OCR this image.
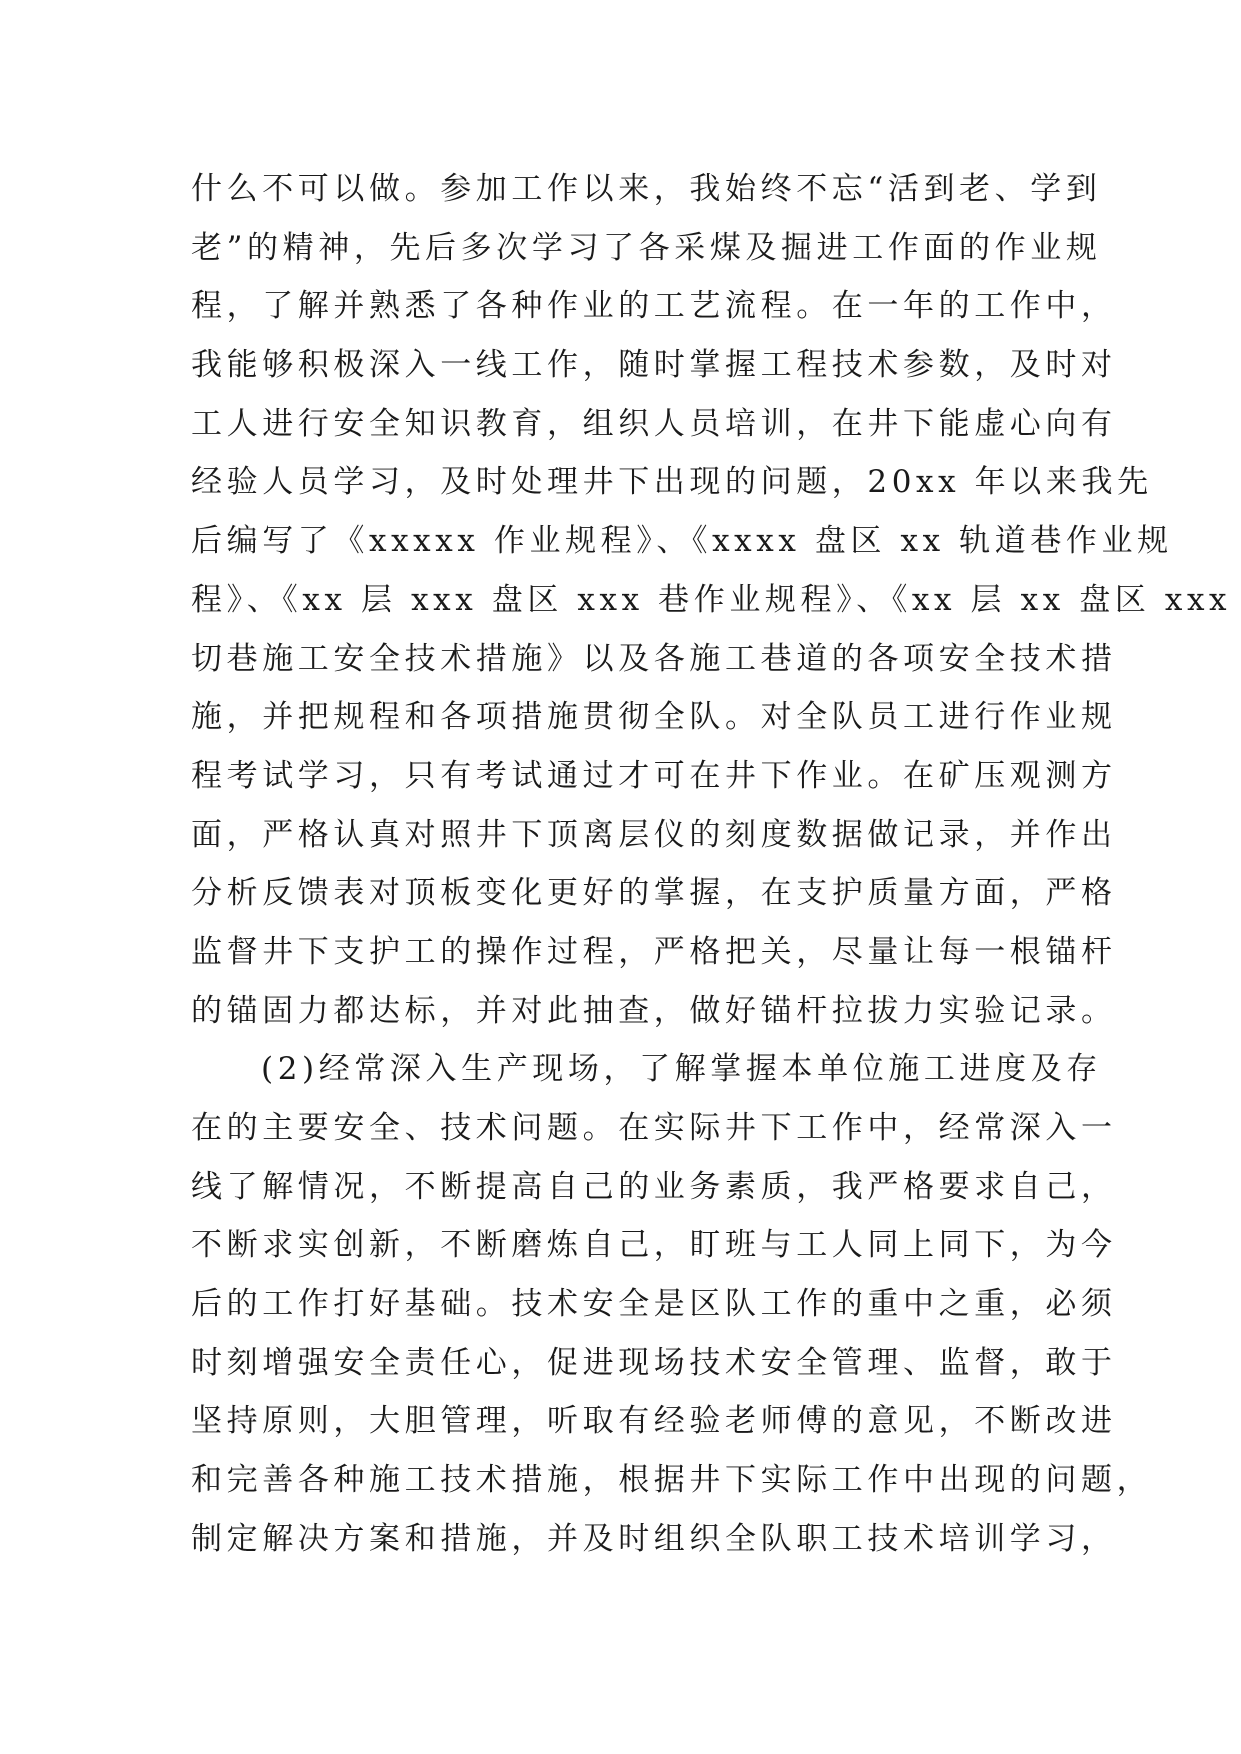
什么不可以做。参加工作以来，我始终不忘“活到老、学到
老”的精神，先后多次学习了各采煤及掘进工作面的作业规
程，了解并熟悉了各种作业的工艺流程。在一年的工作中，
我能够积极深入一线工作，随时掌握工程技术参数，及时对
工人进行安全知识教育，组织人员培训，在井下能虚心向有
经验人员学习，及时处理井下出现的问题，20xx 年以来我先
后编写了《xxxxx 作业规程》、《xxxx 盘区 xx 轨道巷作业规
程》、《xx 层 xxx 盘区 xxx 巷作业规程》、《xx 层 xx 盘区 xxx
切巷施工安全技术措施》以及各施工巷道的各项安全技术措
施，并把规程和各项措施贯彻全队。对全队员工进行作业规
程考试学习，只有考试通过才可在井下作业。在矿压观测方
面，严格认真对照井下顶离层仪的刻度数据做记录，并作出
分析反馈表对顶板变化更好的掌握，在支护质量方面，严格
监督井下支护工的操作过程，严格把关，尽量让每一根锚杆
的锚固力都达标，并对此抽查，做好锚杆拉拔力实验记录。
(2)经常深入生产现场，了解掌握本单位施工进度及存
在的主要安全、技术问题。在实际井下工作中，经常深入一
线了解情况，不断提高自己的业务素质，我严格要求自己，
不断求实创新，不断磨炼自己，盯班与工人同上同下，为今
后的工作打好基础。技术安全是区队工作的重中之重，必须
时刻增强安全责任心，促进现场技术安全管理、监督，敢于
坚持原则，大胆管理，听取有经验老师傅的意见，不断改进
和完善各种施工技术措施，根据井下实际工作中出现的问题，
制定解决方案和措施，并及时组织全队职工技术培训学习，
